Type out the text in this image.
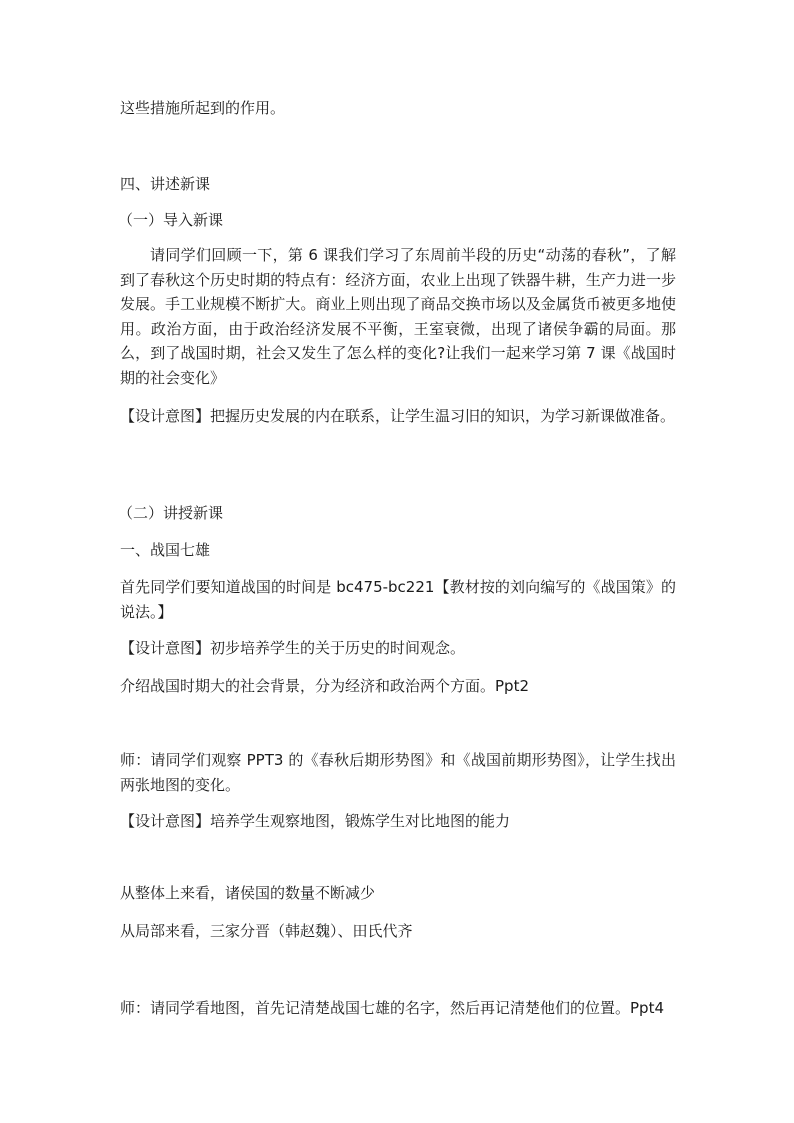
这些措施所起到的作用。
四、讲述新课
（一）导入新课
请同学们回顾一下，第 6 课我们学习了东周前半段的历史“动荡的春秋”，了解到了春秋这个历史时期的特点有：经济方面，农业上出现了铁器牛耕，生产力进一步发展。手工业规模不断扩大。商业上则出现了商品交换市场以及金属货币被更多地使用。政治方面，由于政治经济发展不平衡，王室衰微，出现了诸侯争霸的局面。那么，到了战国时期，社会又发生了怎么样的变化?让我们一起来学习第 7 课《战国时期的社会变化》
【设计意图】把握历史发展的内在联系，让学生温习旧的知识，为学习新课做准备。
（二）讲授新课
一、战国七雄
首先同学们要知道战国的时间是 bc475-bc221【教材按的刘向编写的《战国策》的说法。】
【设计意图】初步培养学生的关于历史的时间观念。
介绍战国时期大的社会背景，分为经济和政治两个方面。Ppt2
师：请同学们观察 PPT3 的《春秋后期形势图》和《战国前期形势图》，让学生找出两张地图的变化。
【设计意图】培养学生观察地图，锻炼学生对比地图的能力
从整体上来看，诸侯国的数量不断减少
从局部来看，三家分晋（韩赵魏）、田氏代齐
师：请同学看地图，首先记清楚战国七雄的名字，然后再记清楚他们的位置。Ppt4
